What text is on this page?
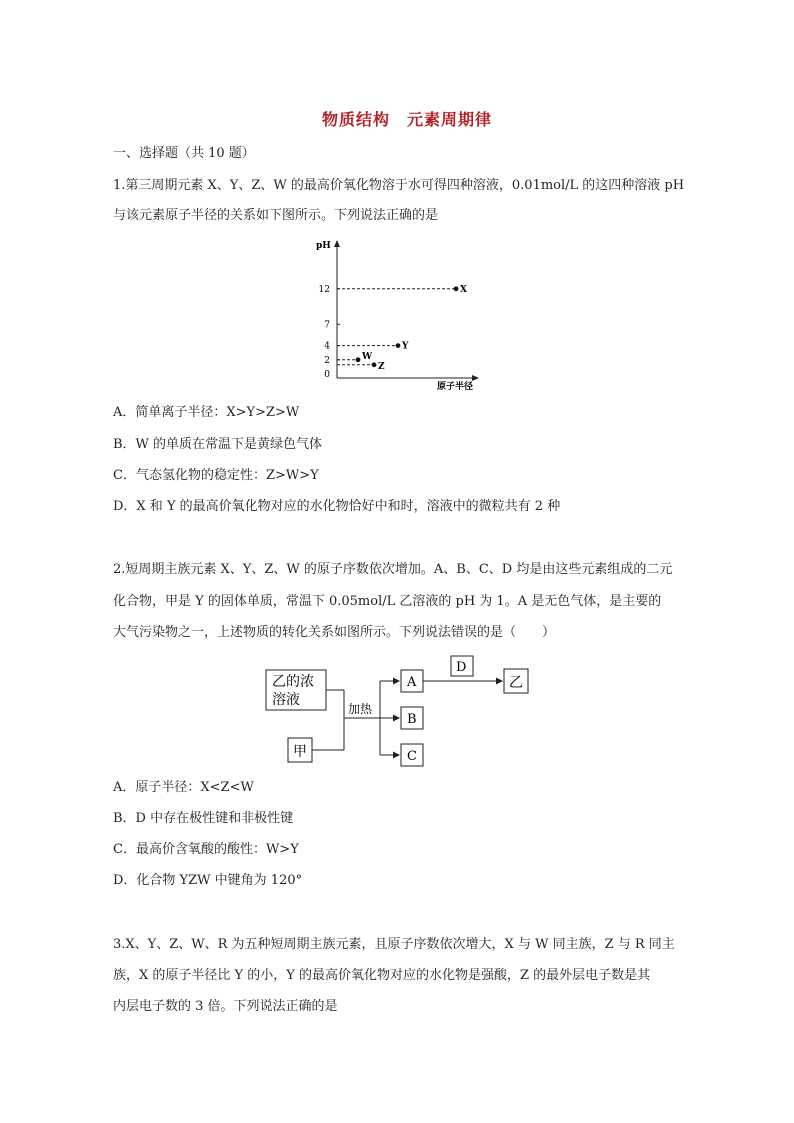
物质结构　元素周期律
一、选择题（共 10 题）
1.第三周期元素 X、Y、Z、W 的最高价氧化物溶于水可得四种溶液，0.01mol/L 的这四种溶液 pH
与该元素原子半径的关系如下图所示。下列说法正确的是
pH
原子半径
12
7
4
2
0
X
Y
W
Z
A．简单离子半径：X>Y>Z>W
B．W 的单质在常温下是黄绿色气体
C．气态氢化物的稳定性：Z>W>Y
D．X 和 Y 的最高价氧化物对应的水化物恰好中和时，溶液中的微粒共有 2 种
2.短周期主族元素 X、Y、Z、W 的原子序数依次增加。A、B、C、D 均是由这些元素组成的二元
化合物，甲是 Y 的固体单质，常温下 0.05mol/L 乙溶液的 pH 为 1。A 是无色气体，是主要的
大气污染物之一，上述物质的转化关系如图所示。下列说法错误的是（　　）
乙的浓
溶液
甲
加热
A
B
C
D
乙
A．原子半径：X<Z<W
B．D 中存在极性键和非极性键
C．最高价含氧酸的酸性：W>Y
D．化合物 YZW 中键角为 120°
3.X、Y、Z、W、R 为五种短周期主族元素，且原子序数依次增大，X 与 W 同主族，Z 与 R 同主
族，X 的原子半径比 Y 的小，Y 的最高价氧化物对应的水化物是强酸，Z 的最外层电子数是其
内层电子数的 3 倍。下列说法正确的是
